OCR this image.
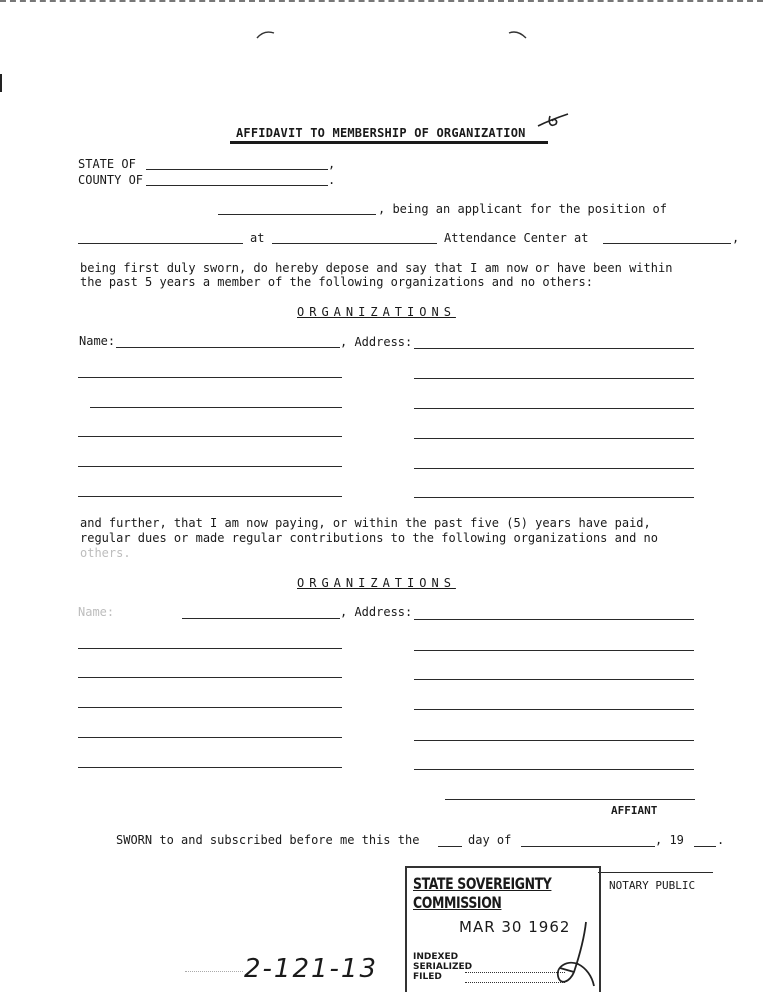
AFFIDAVIT TO MEMBERSHIP OF ORGANIZATION
STATE OF	,
COUNTY OF	.
, being an applicant for the position of
at	Attendance Center at	,
being first duly sworn, do hereby depose and say that I am now or have been within
the past 5 years a member of the following organizations and no others:
ORGANIZATIONS
Name:	, Address:
and further, that I am now paying, or within the past five (5) years have paid,
regular dues or made regular contributions to the following organizations and no
others.
ORGANIZATIONS
Name:	, Address:
AFFIANT
SWORN to and subscribed before me this the	day of	, 19	.
NOTARY PUBLIC
STATE SOVEREIGNTY COMMISSION
MAR 30 1962
INDEXED
SERIALIZED
FILED
2-121-13
